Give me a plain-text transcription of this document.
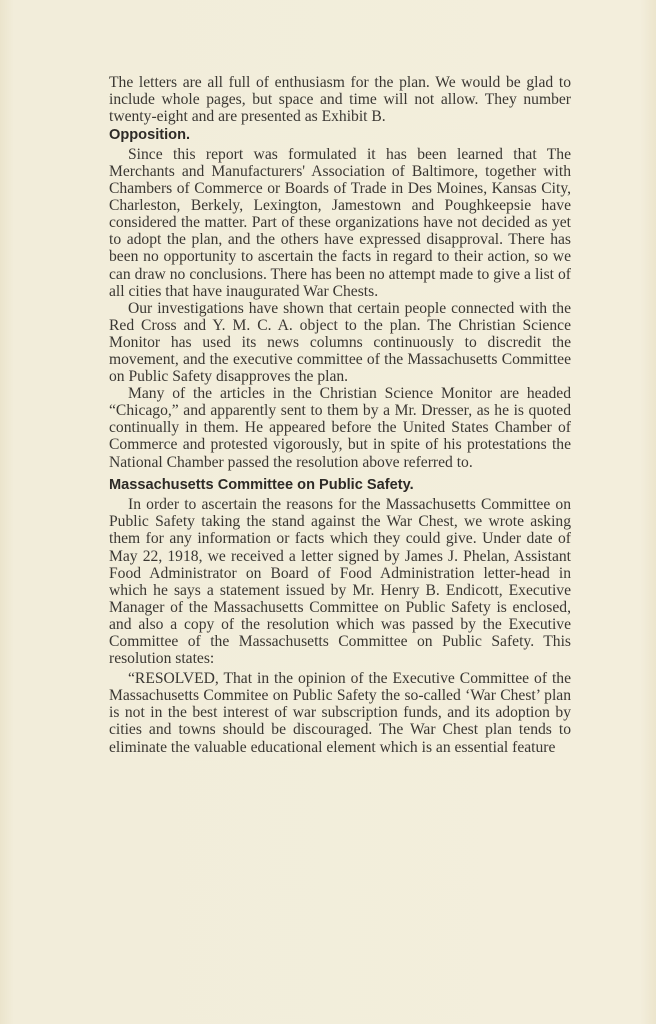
The letters are all full of enthusiasm for the plan. We would be glad to include whole pages, but space and time will not allow. They number twenty-eight and are presented as Exhibit B.

Opposition.

Since this report was formulated it has been learned that The Merchants and Manufacturers' Association of Baltimore, together with Chambers of Commerce or Boards of Trade in Des Moines, Kansas City, Charleston, Berkely, Lexington, Jamestown and Poughkeepsie have considered the matter. Part of these organizations have not decided as yet to adopt the plan, and the others have expressed disapproval. There has been no opportunity to ascertain the facts in regard to their action, so we can draw no conclusions. There has been no attempt made to give a list of all cities that have inaugurated War Chests.

Our investigations have shown that certain people connected with the Red Cross and Y. M. C. A. object to the plan. The Christian Science Monitor has used its news columns continuously to discredit the movement, and the executive committee of the Massachusetts Committee on Public Safety disapproves the plan.

Many of the articles in the Christian Science Monitor are headed “Chicago,” and apparently sent to them by a Mr. Dresser, as he is quoted continually in them. He appeared before the United States Chamber of Commerce and protested vigorously, but in spite of his protestations the National Chamber passed the resolution above referred to.

Massachusetts Committee on Public Safety.

In order to ascertain the reasons for the Massachusetts Committee on Public Safety taking the stand against the War Chest, we wrote asking them for any information or facts which they could give. Under date of May 22, 1918, we received a letter signed by James J. Phelan, Assistant Food Administrator on Board of Food Administration letter-head in which he says a statement issued by Mr. Henry B. Endicott, Executive Manager of the Massachusetts Committee on Public Safety is enclosed, and also a copy of the resolution which was passed by the Executive Committee of the Massachusetts Committee on Public Safety. This resolution states:

“RESOLVED, That in the opinion of the Executive Committee of the Massachusetts Commitee on Public Safety the so-called ‘War Chest’ plan is not in the best interest of war subscription funds, and its adoption by cities and towns should be discouraged. The War Chest plan tends to eliminate the valuable educational element which is an essential feature
